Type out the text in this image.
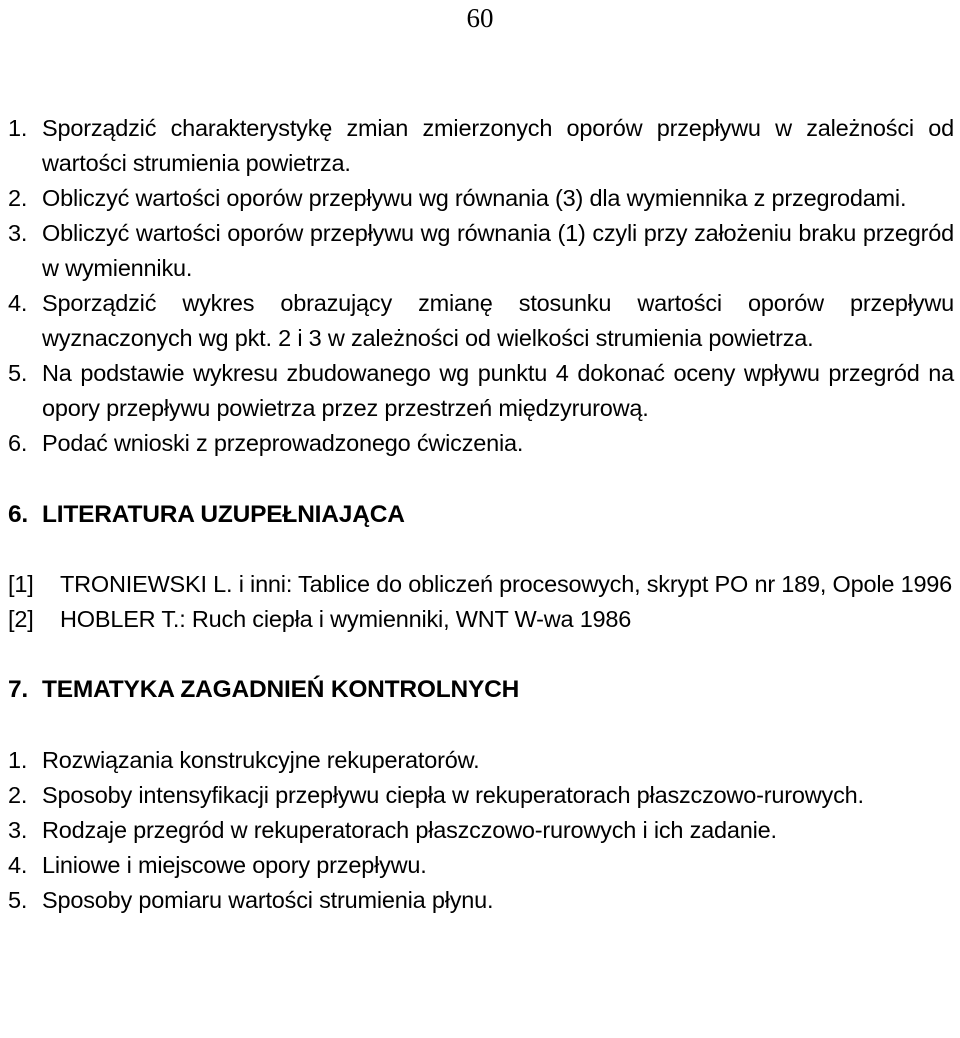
60
1. Sporządzić charakterystykę zmian zmierzonych oporów przepływu w zależności od wartości strumienia powietrza.
2. Obliczyć wartości oporów przepływu wg równania (3) dla wymiennika z przegrodami.
3. Obliczyć wartości oporów przepływu wg równania (1) czyli przy założeniu braku przegród w wymienniku.
4. Sporządzić wykres obrazujący zmianę stosunku wartości oporów przepływu wyznaczonych wg pkt. 2 i 3 w zależności od wielkości strumienia powietrza.
5. Na podstawie wykresu zbudowanego wg punktu 4 dokonać oceny wpływu przegród na opory przepływu powietrza przez przestrzeń międzyrurową.
6. Podać wnioski z przeprowadzonego ćwiczenia.
6. LITERATURA UZUPEŁNIAJĄCA
[1] TRONIEWSKI L. i inni: Tablice do obliczeń procesowych, skrypt PO nr 189, Opole 1996
[2] HOBLER T.: Ruch ciepła i wymienniki, WNT W-wa 1986
7. TEMATYKA ZAGADNIEŃ KONTROLNYCH
1. Rozwiązania konstrukcyjne rekuperatorów.
2. Sposoby intensyfikacji przepływu ciepła w rekuperatorach płaszczowo-rurowych.
3. Rodzaje przegród w rekuperatorach płaszczowo-rurowych i ich zadanie.
4. Liniowe i miejscowe opory przepływu.
5. Sposoby pomiaru wartości strumienia płynu.
